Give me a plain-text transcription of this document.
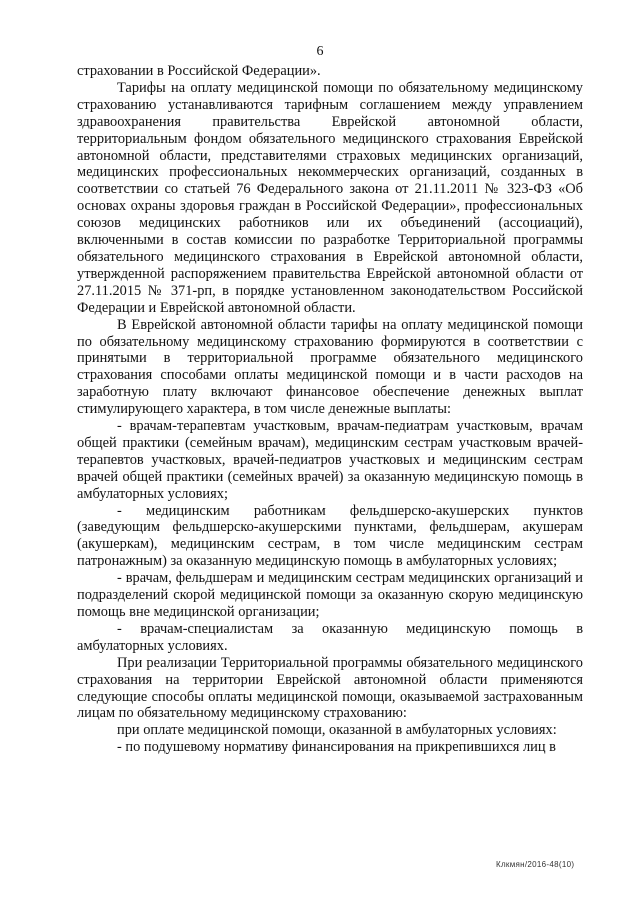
6

страховании в Российской Федерации».

Тарифы на оплату медицинской помощи по обязательному медицинскому страхованию устанавливаются тарифным соглашением между управлением здравоохранения правительства Еврейской автономной области, территориальным фондом обязательного медицинского страхования Еврейской автономной области, представителями страховых медицинских организаций, медицинских профессиональных некоммерческих организаций, созданных в соответствии со статьей 76 Федерального закона от 21.11.2011 № 323-ФЗ «Об основах охраны здоровья граждан в Российской Федерации», профессиональных союзов медицинских работников или их объединений (ассоциаций), включенными в состав комиссии по разработке Территориальной программы обязательного медицинского страхования в Еврейской автономной области, утвержденной распоряжением правительства Еврейской автономной области от 27.11.2015 № 371-рп, в порядке установленном законодательством Российской Федерации и Еврейской автономной области.

В Еврейской автономной области тарифы на оплату медицинской помощи по обязательному медицинскому страхованию формируются в соответствии с принятыми в территориальной программе обязательного медицинского страхования способами оплаты медицинской помощи и в части расходов на заработную плату включают финансовое обеспечение денежных выплат стимулирующего характера, в том числе денежные выплаты:

- врачам-терапевтам участковым, врачам-педиатрам участковым, врачам общей практики (семейным врачам), медицинским сестрам участковым врачей-терапевтов участковых, врачей-педиатров участковых и медицинским сестрам врачей общей практики (семейных врачей) за оказанную медицинскую помощь в амбулаторных условиях;

- медицинским работникам фельдшерско-акушерских пунктов (заведующим фельдшерско-акушерскими пунктами, фельдшерам, акушерам (акушеркам), медицинским сестрам, в том числе медицинским сестрам патронажным) за оказанную медицинскую помощь в амбулаторных условиях;

- врачам, фельдшерам и медицинским сестрам медицинских организаций и подразделений скорой медицинской помощи за оказанную скорую медицинскую помощь вне медицинской организации;

- врачам-специалистам за оказанную медицинскую помощь в амбулаторных условиях.

При реализации Территориальной программы обязательного медицинского страхования на территории Еврейской автономной области применяются следующие способы оплаты медицинской помощи, оказываемой застрахованным лицам по обязательному медицинскому страхованию:

при оплате медицинской помощи, оказанной в амбулаторных условиях:

- по подушевому нормативу финансирования на прикрепившихся лиц в

Клкмян/2016-48(10)
